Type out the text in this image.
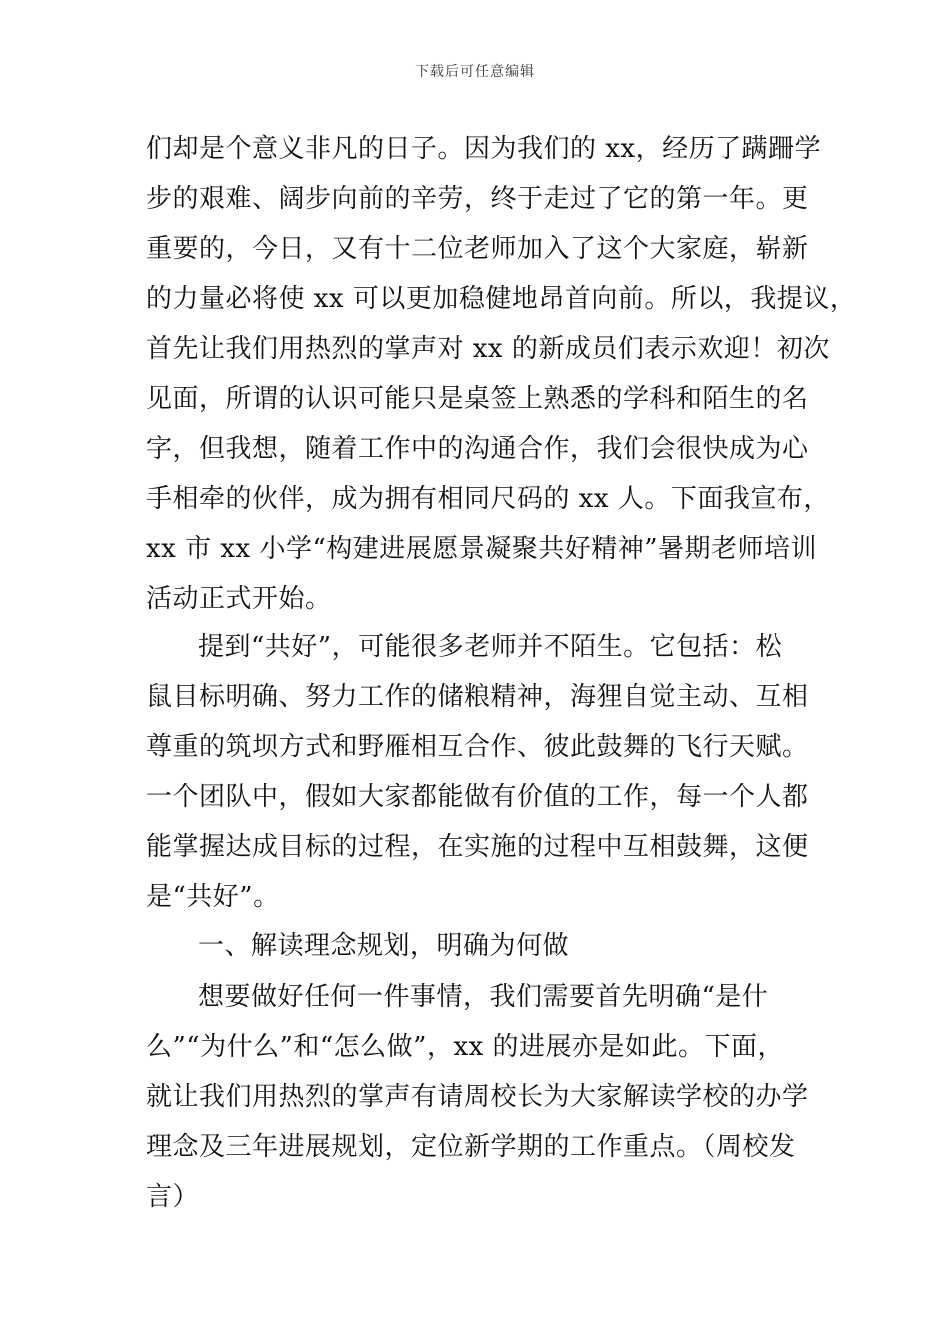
下载后可任意编辑
们却是个意义非凡的日子。因为我们的 xx，经历了蹒跚学
步的艰难、阔步向前的辛劳，终于走过了它的第一年。更
重要的，今日，又有十二位老师加入了这个大家庭，崭新
的力量必将使 xx 可以更加稳健地昂首向前。所以，我提议，
首先让我们用热烈的掌声对 xx 的新成员们表示欢迎！初次
见面，所谓的认识可能只是桌签上熟悉的学科和陌生的名
字，但我想，随着工作中的沟通合作，我们会很快成为心
手相牵的伙伴，成为拥有相同尺码的 xx 人。下面我宣布，
xx 市 xx 小学“构建进展愿景凝聚共好精神”暑期老师培训
活动正式开始。
提到“共好”，可能很多老师并不陌生。它包括：松
鼠目标明确、努力工作的储粮精神，海狸自觉主动、互相
尊重的筑坝方式和野雁相互合作、彼此鼓舞的飞行天赋。
一个团队中，假如大家都能做有价值的工作，每一个人都
能掌握达成目标的过程，在实施的过程中互相鼓舞，这便
是“共好”。
一、解读理念规划，明确为何做
想要做好任何一件事情，我们需要首先明确“是什
么”“为什么”和“怎么做”，xx 的进展亦是如此。下面，
就让我们用热烈的掌声有请周校长为大家解读学校的办学
理念及三年进展规划，定位新学期的工作重点。（周校发
言）
